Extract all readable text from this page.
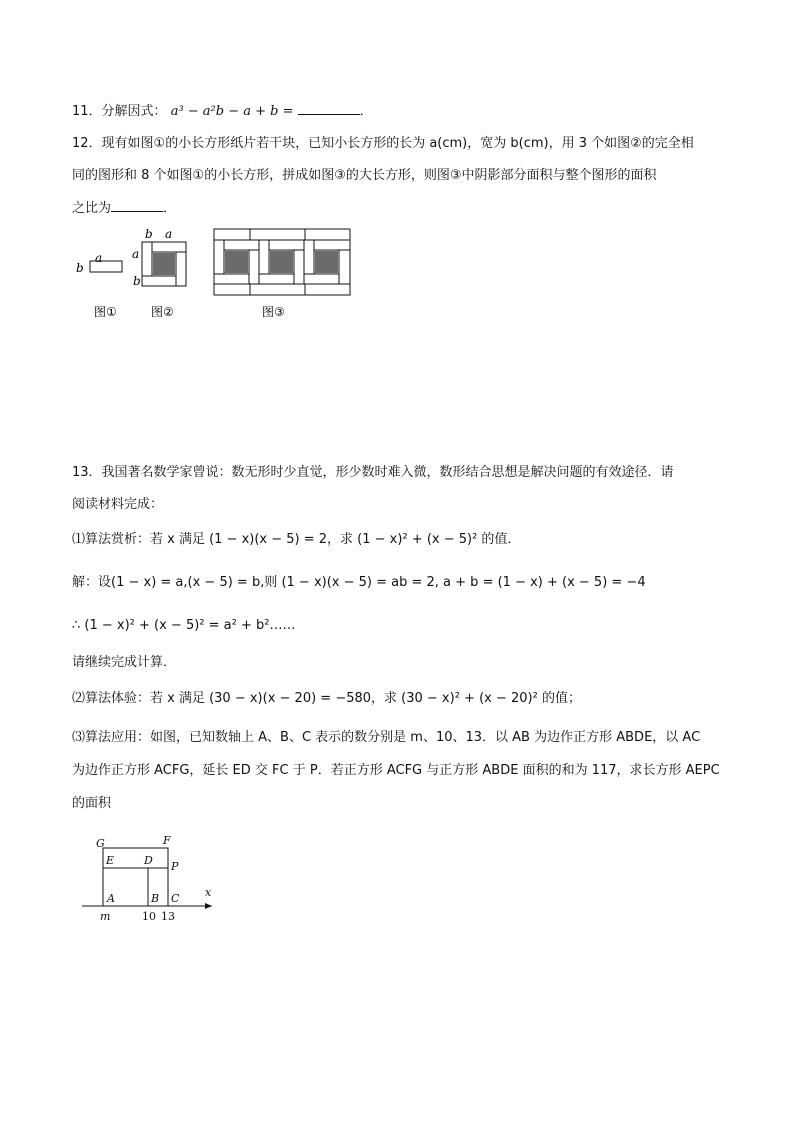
11．分解因式： a³ − a²b − a + b =	．
12．现有如图①的小长方形纸片若干块，已知小长方形的长为 a(cm)，宽为 b(cm)，用 3 个如图②的完全相
同的图形和 8 个如图①的小长方形，拼成如图③的大长方形，则图③中阴影部分面积与整个图形的面积
之比为	．
a
b
b a
a
b
图①	图②	图③
13．我国著名数学家曾说：数无形时少直觉，形少数时难入微，数形结合思想是解决问题的有效途径．请
阅读材料完成：
⑴算法赏析：若 x 满足 (1 − x)(x − 5) = 2，求 (1 − x)² + (x − 5)² 的值．
解：设(1 − x) = a,(x − 5) = b,则 (1 − x)(x − 5) = ab = 2, a + b = (1 − x) + (x − 5) = −4
∴ (1 − x)² + (x − 5)² = a² + b²……
请继续完成计算．
⑵算法体验：若 x 满足 (30 − x)(x − 20) = −580，求 (30 − x)² + (x − 20)² 的值；
⑶算法应用：如图，已知数轴上 A、B、C 表示的数分别是 m、10、13．以 AB 为边作正方形 ABDE，以 AC
为边作正方形 ACFG，延长 ED 交 FC 于 P．若正方形 ACFG 与正方形 ABDE 面积的和为 117，求长方形 AEPC
的面积
G	F
E	D P
A	B C x
m	10 13
